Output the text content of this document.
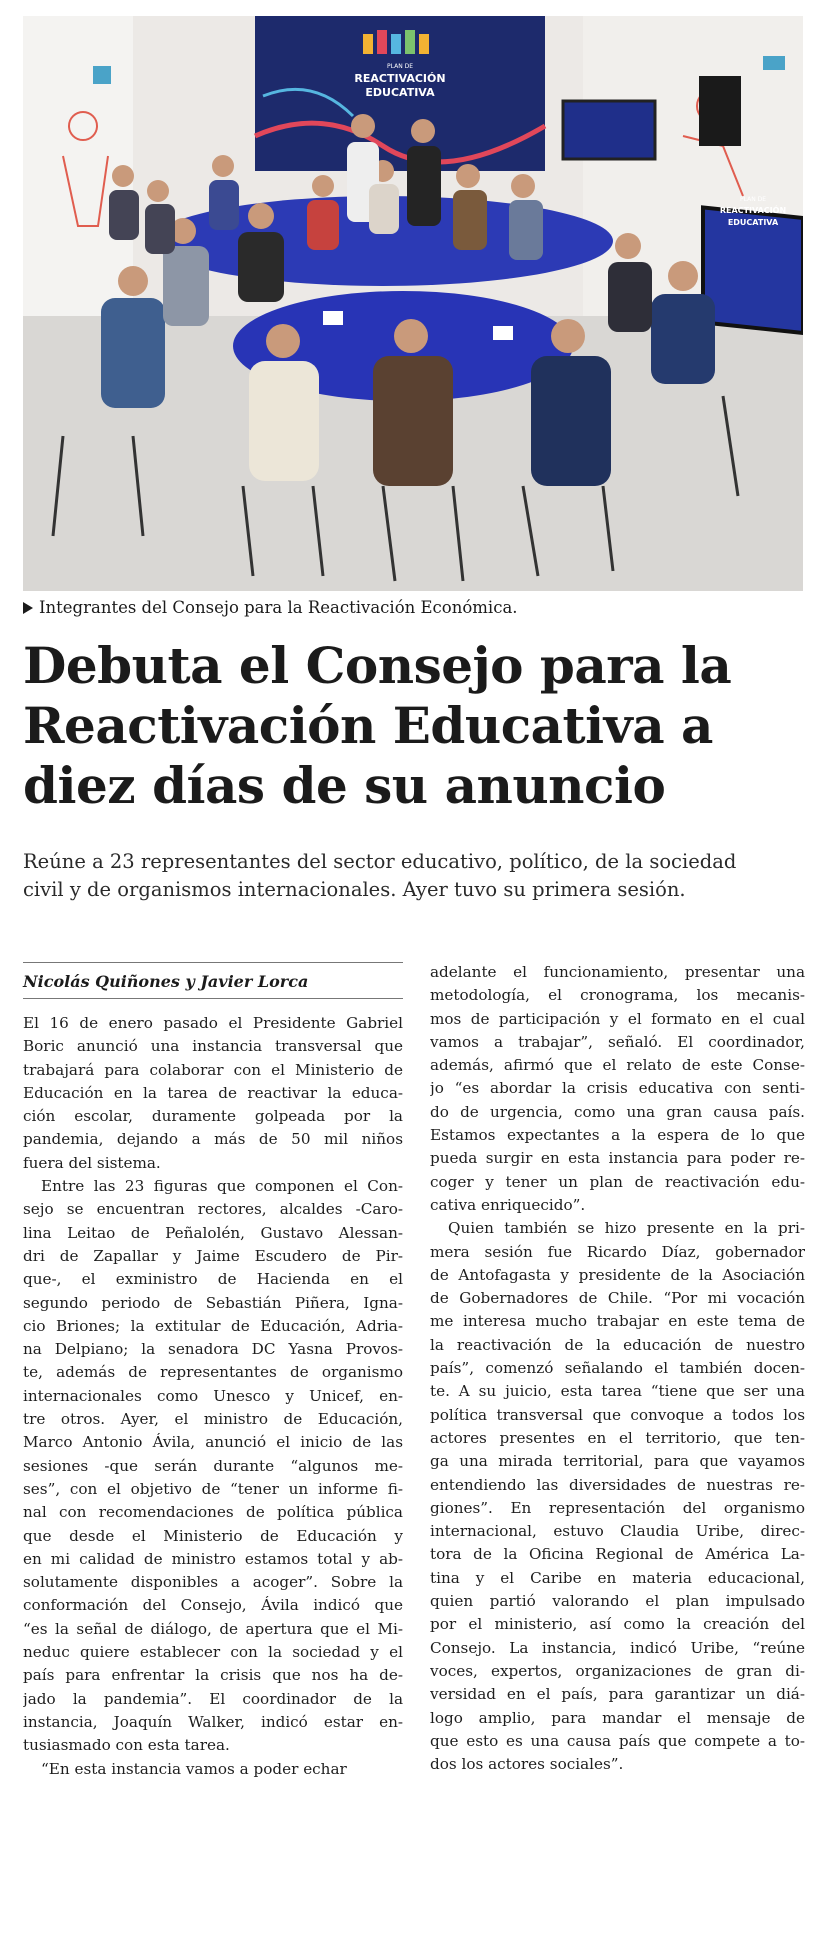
PLAN DE
REACTIVACIÓN
EDUCATIVA
PLAN DE
REACTIVACIÓN
EDUCATIVA
Integrantes del Consejo para la Reactivación Económica.
Debuta el Consejo para la
Reactivación Educativa a
diez días de su anuncio

Reúne a 23 representantes del sector educativo, político, de la sociedad
civil y de organismos internacionales. Ayer tuvo su primera sesión.

Nicolás Quiñones y Javier Lorca
El 16 de enero pasado el Presidente Gabriel
Boric anunció una instancia transversal que
trabajará para colaborar con el Ministerio de
Educación en la tarea de reactivar la educa-
ción escolar, duramente golpeada por la
pandemia, dejando a más de 50 mil niños
fuera del sistema.
Entre las 23 figuras que componen el Con-
sejo se encuentran rectores, alcaldes -Caro-
lina Leitao de Peñalolén, Gustavo Alessan-
dri de Zapallar y Jaime Escudero de Pir-
que-, el exministro de Hacienda en el
segundo periodo de Sebastián Piñera, Igna-
cio Briones; la extitular de Educación, Adria-
na Delpiano; la senadora DC Yasna Provos-
te, además de representantes de organismo
internacionales como Unesco y Unicef, en-
tre otros. Ayer, el ministro de Educación,
Marco Antonio Ávila, anunció el inicio de las
sesiones -que serán durante “algunos me-
ses”, con el objetivo de “tener un informe fi-
nal con recomendaciones de política pública
que desde el Ministerio de Educación y
en mi calidad de ministro estamos total y ab-
solutamente disponibles a acoger”. Sobre la
conformación del Consejo, Ávila indicó que
“es la señal de diálogo, de apertura que el Mi-
neduc quiere establecer con la sociedad y el
país para enfrentar la crisis que nos ha de-
jado la pandemia”. El coordinador de la
instancia, Joaquín Walker, indicó estar en-
tusiasmado con esta tarea.
“En esta instancia vamos a poder echar
adelante el funcionamiento, presentar una
metodología, el cronograma, los mecanis-
mos de participación y el formato en el cual
vamos a trabajar”, señaló. El coordinador,
además, afirmó que el relato de este Conse-
jo “es abordar la crisis educativa con senti-
do de urgencia, como una gran causa país.
Estamos expectantes a la espera de lo que
pueda surgir en esta instancia para poder re-
coger y tener un plan de reactivación edu-
cativa enriquecido”.
Quien también se hizo presente en la pri-
mera sesión fue Ricardo Díaz, gobernador
de Antofagasta y presidente de la Asociación
de Gobernadores de Chile. “Por mi vocación
me interesa mucho trabajar en este tema de
la reactivación de la educación de nuestro
país”, comenzó señalando el también docen-
te. A su juicio, esta tarea “tiene que ser una
política transversal que convoque a todos los
actores presentes en el territorio, que ten-
ga una mirada territorial, para que vayamos
entendiendo las diversidades de nuestras re-
giones”. En representación del organismo
internacional, estuvo Claudia Uribe, direc-
tora de la Oficina Regional de América La-
tina y el Caribe en materia educacional,
quien partió valorando el plan impulsado
por el ministerio, así como la creación del
Consejo. La instancia, indicó Uribe, “reúne
voces, expertos, organizaciones de gran di-
versidad en el país, para garantizar un diá-
logo amplio, para mandar el mensaje de
que esto es una causa país que compete a to-
dos los actores sociales”.
